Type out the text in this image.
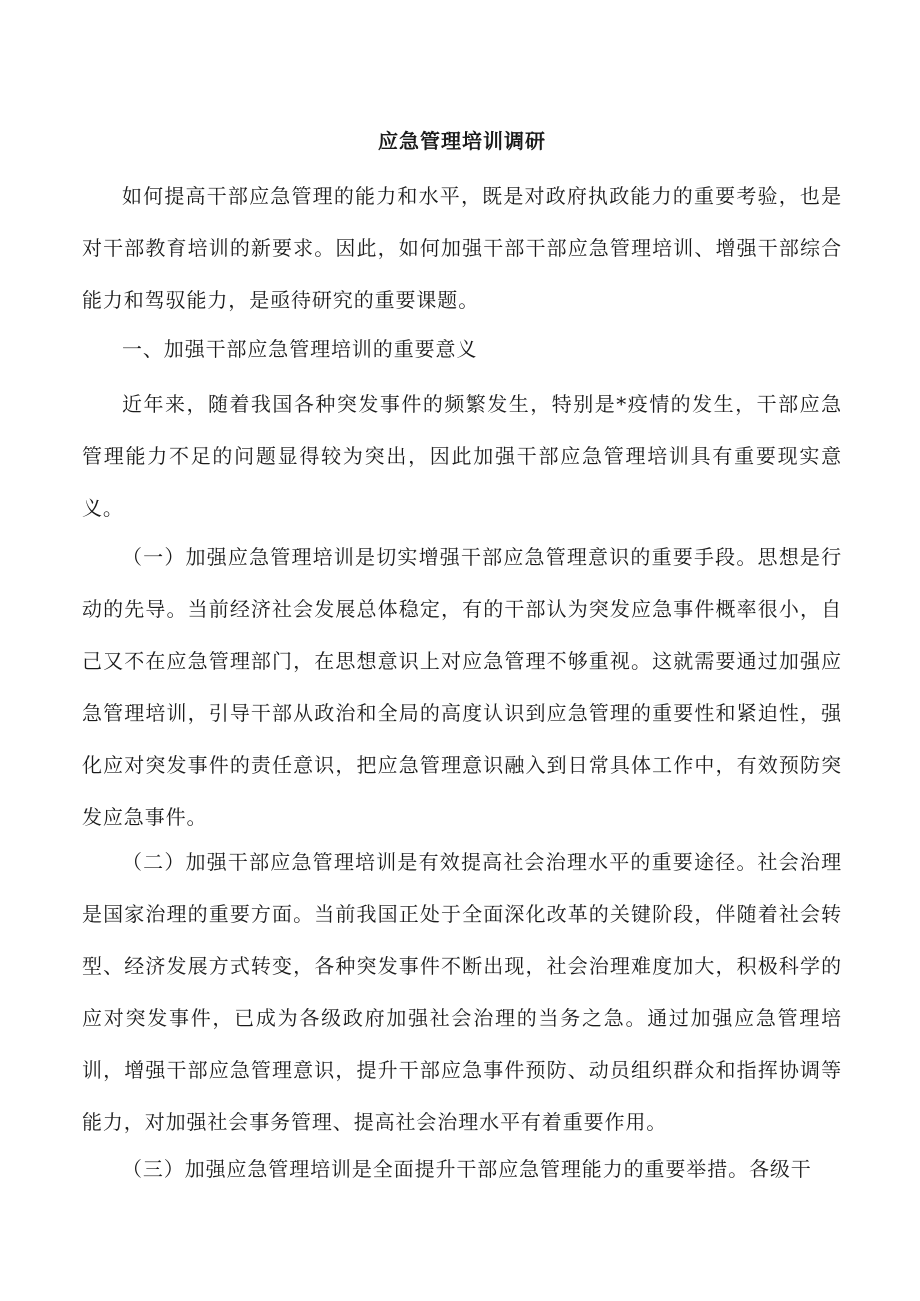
应急管理培训调研

如何提高干部应急管理的能力和水平，既是对政府执政能力的重要考验，也是对干部教育培训的新要求。因此，如何加强干部干部应急管理培训、增强干部综合能力和驾驭能力，是亟待研究的重要课题。

一、加强干部应急管理培训的重要意义

近年来，随着我国各种突发事件的频繁发生，特别是*疫情的发生，干部应急管理能力不足的问题显得较为突出，因此加强干部应急管理培训具有重要现实意义。

（一）加强应急管理培训是切实增强干部应急管理意识的重要手段。思想是行动的先导。当前经济社会发展总体稳定，有的干部认为突发应急事件概率很小，自己又不在应急管理部门，在思想意识上对应急管理不够重视。这就需要通过加强应急管理培训，引导干部从政治和全局的高度认识到应急管理的重要性和紧迫性，强化应对突发事件的责任意识，把应急管理意识融入到日常具体工作中，有效预防突发应急事件。

（二）加强干部应急管理培训是有效提高社会治理水平的重要途径。社会治理是国家治理的重要方面。当前我国正处于全面深化改革的关键阶段，伴随着社会转型、经济发展方式转变，各种突发事件不断出现，社会治理难度加大，积极科学的应对突发事件，已成为各级政府加强社会治理的当务之急。通过加强应急管理培训，增强干部应急管理意识，提升干部应急事件预防、动员组织群众和指挥协调等能力，对加强社会事务管理、提高社会治理水平有着重要作用。

（三）加强应急管理培训是全面提升干部应急管理能力的重要举措。各级干
